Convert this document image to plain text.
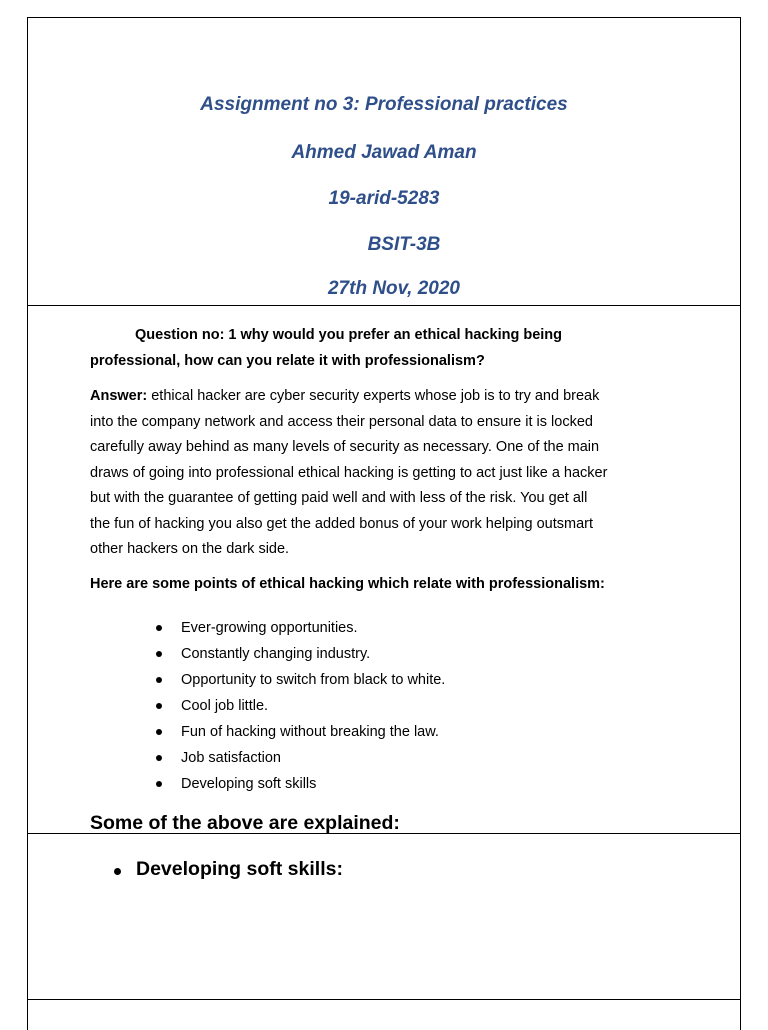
Assignment no 3: Professional practices
Ahmed Jawad Aman
19-arid-5283
BSIT-3B
27th Nov, 2020
Question no: 1 why would you prefer an ethical hacking being
professional, how can you relate it with professionalism?
Answer: ethical hacker are cyber security experts whose job is to try and break
into the company network and access their personal data to ensure it is locked
carefully away behind as many levels of security as necessary. One of the main
draws of going into professional ethical hacking is getting to act just like a hacker
but with the guarantee of getting paid well and with less of the risk. You get all
the fun of hacking you also get the added bonus of your work helping outsmart
other hackers on the dark side.
Here are some points of ethical hacking which relate with professionalism:
Ever-growing opportunities.
Constantly changing industry.
Opportunity to switch from black to white.
Cool job little.
Fun of hacking without breaking the law.
Job satisfaction
Developing soft skills
Some of the above are explained:
Developing soft skills:
